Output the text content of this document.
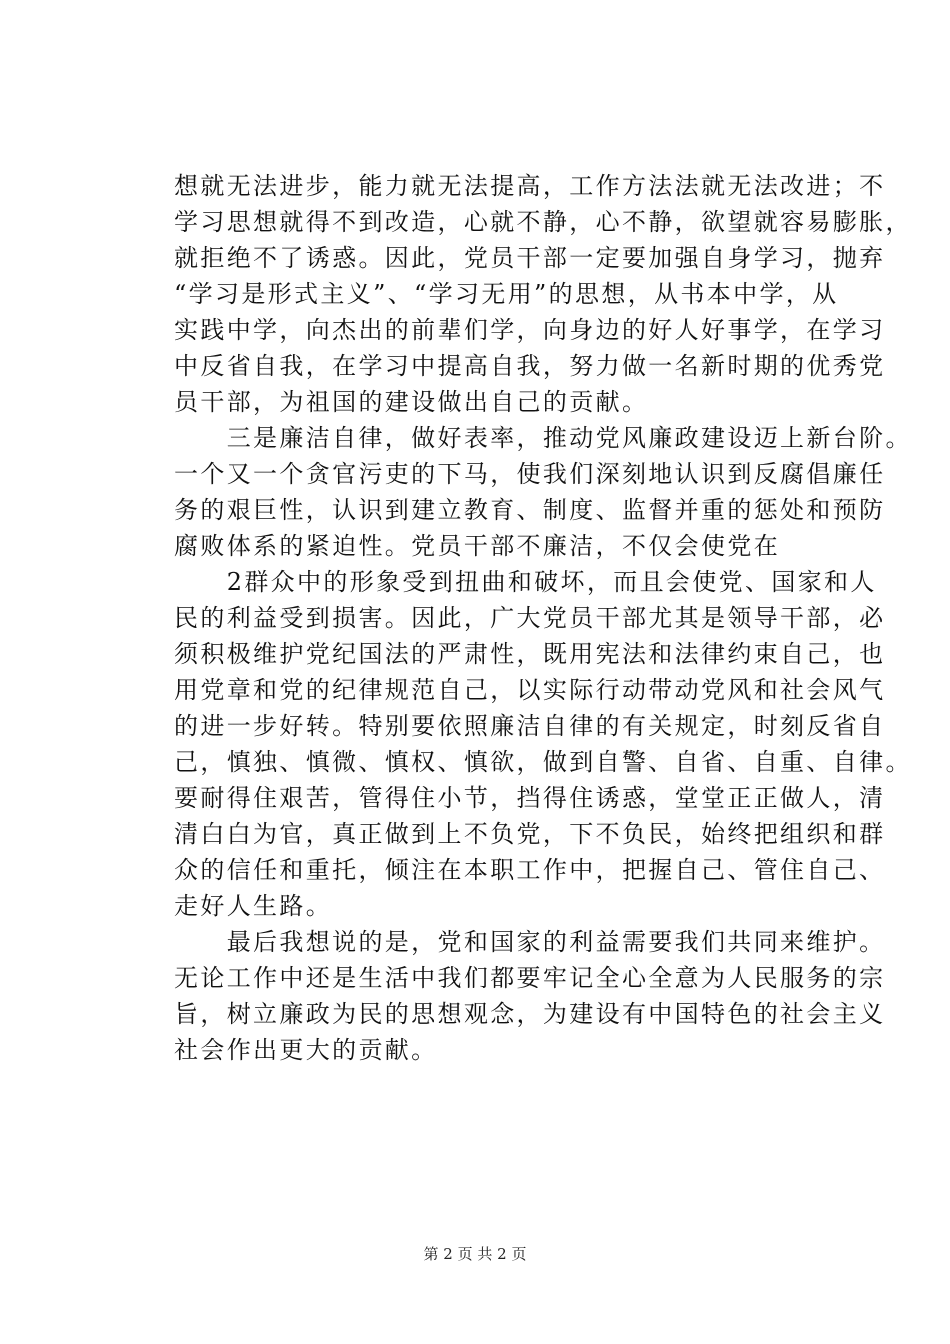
想就无法进步，能力就无法提高，工作方法法就无法改进；不
学习思想就得不到改造，心就不静，心不静，欲望就容易膨胀，
就拒绝不了诱惑。因此，党员干部一定要加强自身学习，抛弃
“学习是形式主义”、“学习无用”的思想，从书本中学，从
实践中学，向杰出的前辈们学，向身边的好人好事学，在学习
中反省自我，在学习中提高自我，努力做一名新时期的优秀党
员干部，为祖国的建设做出自己的贡献。
　　三是廉洁自律，做好表率，推动党风廉政建设迈上新台阶。
一个又一个贪官污吏的下马，使我们深刻地认识到反腐倡廉任
务的艰巨性，认识到建立教育、制度、监督并重的惩处和预防
腐败体系的紧迫性。党员干部不廉洁，不仅会使党在
　　2群众中的形象受到扭曲和破坏，而且会使党、国家和人
民的利益受到损害。因此，广大党员干部尤其是领导干部，必
须积极维护党纪国法的严肃性，既用宪法和法律约束自己，也
用党章和党的纪律规范自己，以实际行动带动党风和社会风气
的进一步好转。特别要依照廉洁自律的有关规定，时刻反省自
己，慎独、慎微、慎权、慎欲，做到自警、自省、自重、自律。
要耐得住艰苦，管得住小节，挡得住诱惑，堂堂正正做人，清
清白白为官，真正做到上不负党，下不负民，始终把组织和群
众的信任和重托，倾注在本职工作中，把握自己、管住自己、
走好人生路。
　　最后我想说的是，党和国家的利益需要我们共同来维护。
无论工作中还是生活中我们都要牢记全心全意为人民服务的宗
旨，树立廉政为民的思想观念，为建设有中国特色的社会主义
社会作出更大的贡献。
第 2 页 共 2 页
